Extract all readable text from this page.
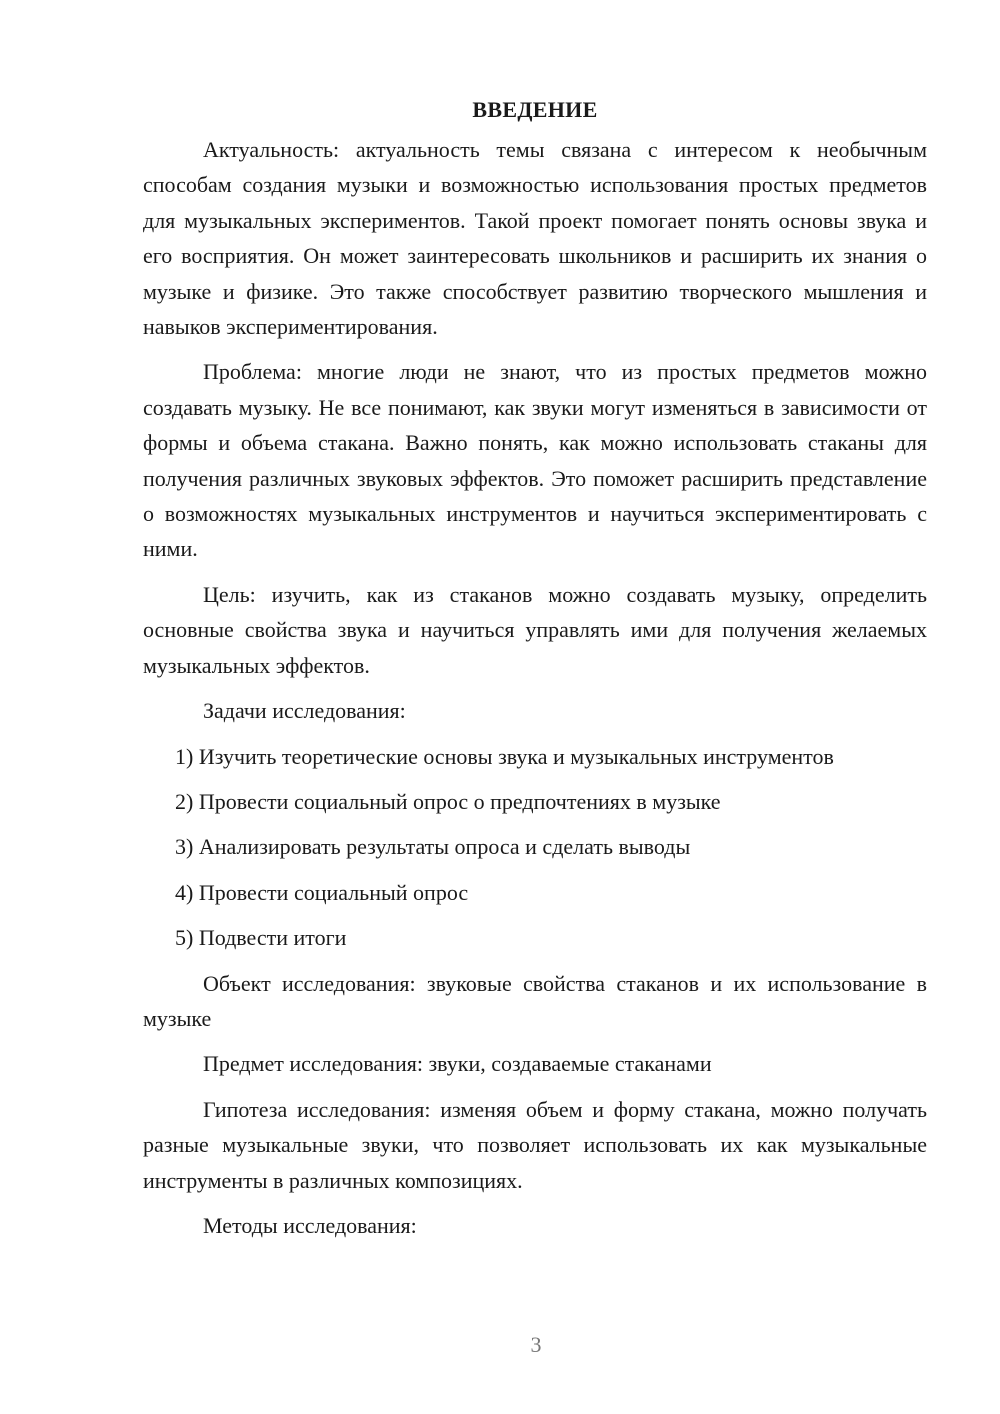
ВВЕДЕНИЕ

Актуальность: актуальность темы связана с интересом к необычным способам создания музыки и возможностью использования простых предметов для музыкальных экспериментов. Такой проект помогает понять основы звука и его восприятия. Он может заинтересовать школьников и расширить их знания о музыке и физике. Это также способствует развитию творческого мышления и навыков экспериментирования.

Проблема: многие люди не знают, что из простых предметов можно создавать музыку. Не все понимают, как звуки могут изменяться в зависимости от формы и объема стакана. Важно понять, как можно использовать стаканы для получения различных звуковых эффектов. Это поможет расширить представление о возможностях музыкальных инструментов и научиться экспериментировать с ними.

Цель: изучить, как из стаканов можно создавать музыку, определить основные свойства звука и научиться управлять ими для получения желаемых музыкальных эффектов.

Задачи исследования:

1) Изучить теоретические основы звука и музыкальных инструментов
2) Провести социальный опрос о предпочтениях в музыке
3) Анализировать результаты опроса и сделать выводы
4) Провести социальный опрос
5) Подвести итоги

Объект исследования: звуковые свойства стаканов и их использование в музыке

Предмет исследования: звуки, создаваемые стаканами

Гипотеза исследования: изменяя объем и форму стакана, можно получать разные музыкальные звуки, что позволяет использовать их как музыкальные инструменты в различных композициях.

Методы исследования:

3
